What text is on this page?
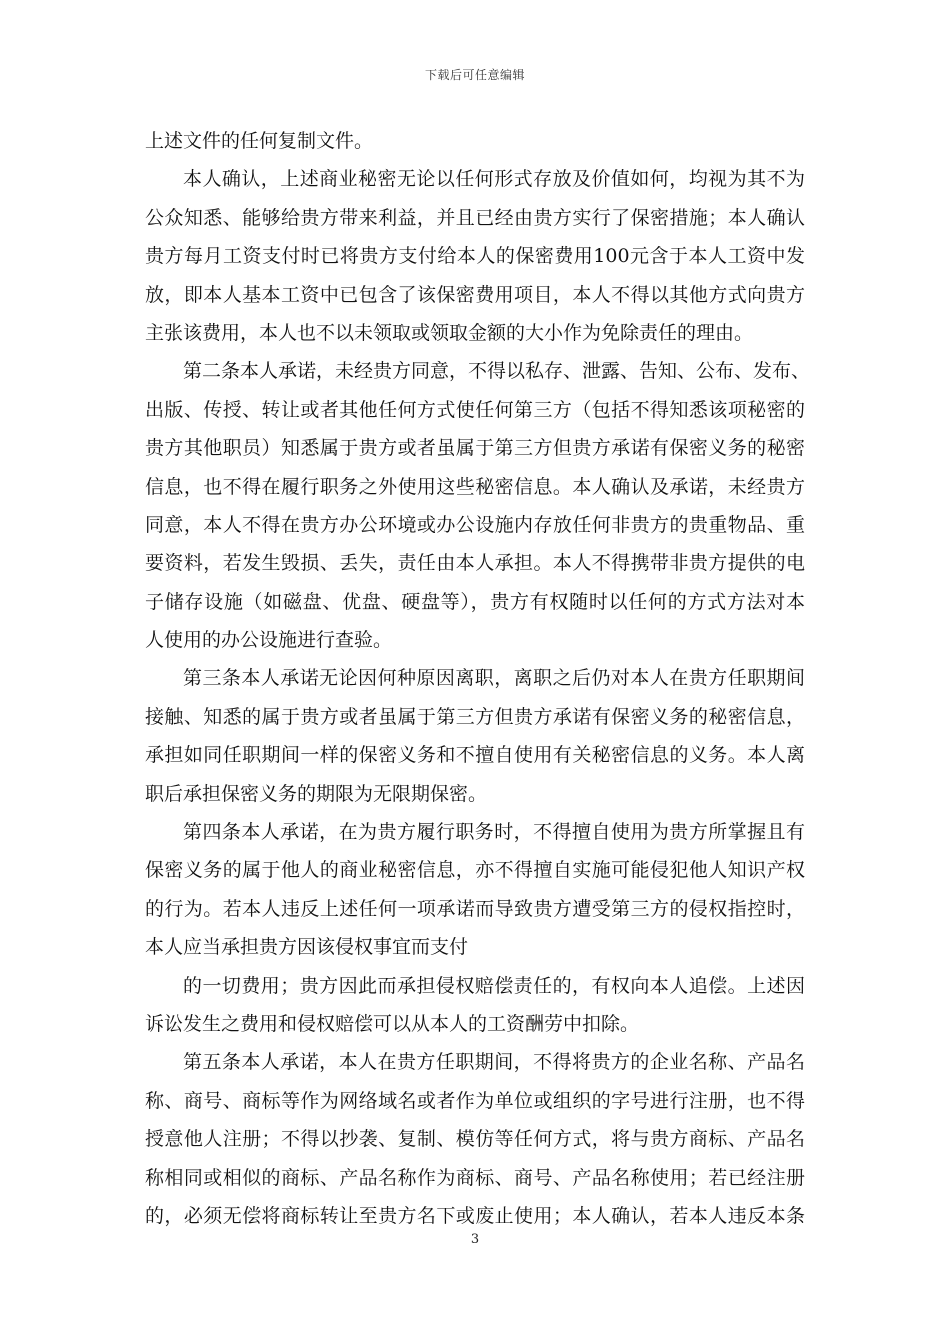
下载后可任意编辑
上述文件的任何复制文件。
本人确认，上述商业秘密无论以任何形式存放及价值如何，均视为其不为
公众知悉、能够给贵方带来利益，并且已经由贵方实行了保密措施；本人确认
贵方每月工资支付时已将贵方支付给本人的保密费用100元含于本人工资中发
放，即本人基本工资中已包含了该保密费用项目，本人不得以其他方式向贵方
主张该费用，本人也不以未领取或领取金额的大小作为免除责任的理由。
第二条本人承诺，未经贵方同意，不得以私存、泄露、告知、公布、发布、
出版、传授、转让或者其他任何方式使任何第三方（包括不得知悉该项秘密的
贵方其他职员）知悉属于贵方或者虽属于第三方但贵方承诺有保密义务的秘密
信息，也不得在履行职务之外使用这些秘密信息。本人确认及承诺，未经贵方
同意，本人不得在贵方办公环境或办公设施内存放任何非贵方的贵重物品、重
要资料，若发生毁损、丢失，责任由本人承担。本人不得携带非贵方提供的电
子储存设施（如磁盘、优盘、硬盘等），贵方有权随时以任何的方式方法对本
人使用的办公设施进行查验。
第三条本人承诺无论因何种原因离职，离职之后仍对本人在贵方任职期间
接触、知悉的属于贵方或者虽属于第三方但贵方承诺有保密义务的秘密信息，
承担如同任职期间一样的保密义务和不擅自使用有关秘密信息的义务。本人离
职后承担保密义务的期限为无限期保密。
第四条本人承诺，在为贵方履行职务时，不得擅自使用为贵方所掌握且有
保密义务的属于他人的商业秘密信息，亦不得擅自实施可能侵犯他人知识产权
的行为。若本人违反上述任何一项承诺而导致贵方遭受第三方的侵权指控时，
本人应当承担贵方因该侵权事宜而支付
的一切费用；贵方因此而承担侵权赔偿责任的，有权向本人追偿。上述因
诉讼发生之费用和侵权赔偿可以从本人的工资酬劳中扣除。
第五条本人承诺，本人在贵方任职期间，不得将贵方的企业名称、产品名
称、商号、商标等作为网络域名或者作为单位或组织的字号进行注册，也不得
授意他人注册；不得以抄袭、复制、模仿等任何方式，将与贵方商标、产品名
称相同或相似的商标、产品名称作为商标、商号、产品名称使用；若已经注册
的，必须无偿将商标转让至贵方名下或废止使用；本人确认，若本人违反本条
3
